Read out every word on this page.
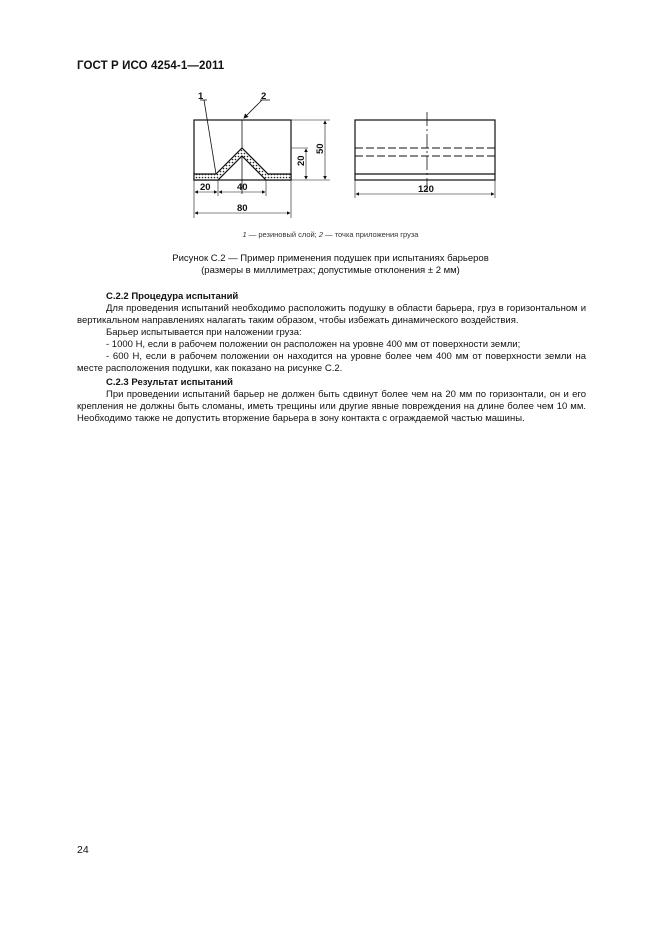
ГОСТ Р ИСО 4254-1—2011
1	2
20	40
80
20
50
120
1 — резиновый слой; 2 — точка приложения груза
Рисунок С.2 — Пример применения подушек при испытаниях барьеров
(размеры в миллиметрах; допустимые отклонения ± 2 мм)
С.2.2 Процедура испытаний
Для проведения испытаний необходимо расположить подушку в области барьера, груз в горизонтальном и вертикальном направлениях налагать таким образом, чтобы избежать динамического воздействия.
Барьер испытывается при наложении груза:
- 1000 Н, если в рабочем положении он расположен на уровне 400 мм от поверхности земли;
- 600 Н, если в рабочем положении он находится на уровне более чем 400 мм от поверхности земли на месте расположения подушки, как показано на рисунке С.2.
С.2.3 Результат испытаний
При проведении испытаний барьер не должен быть сдвинут более чем на 20 мм по горизонтали, он и его крепления не должны быть сломаны, иметь трещины или другие явные повреждения на длине более чем 10 мм. Необходимо также не допустить вторжение барьера в зону контакта с ограждаемой частью машины.
24
